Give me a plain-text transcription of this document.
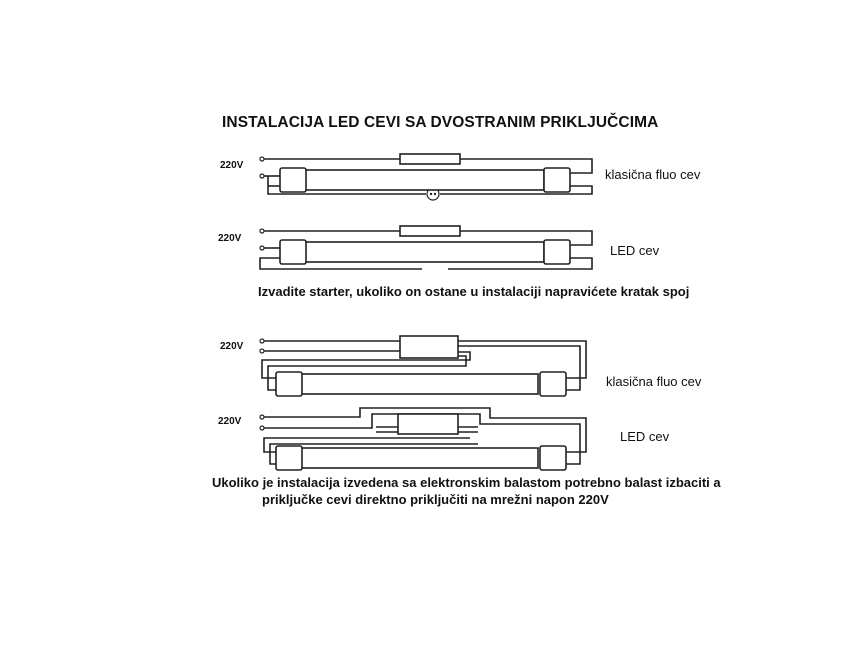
INSTALACIJA LED CEVI SA DVOSTRANIM PRIKLJUČCIMA
220V
klasična fluo cev
220V
LED cev
Izvadite starter, ukoliko on ostane u instalaciji napravićete kratak spoj
220V
klasična fluo cev
220V
LED cev
Ukoliko je instalacija izvedena sa elektronskim balastom potrebno balast izbaciti a
priključke cevi direktno priključiti na mrežni napon 220V
